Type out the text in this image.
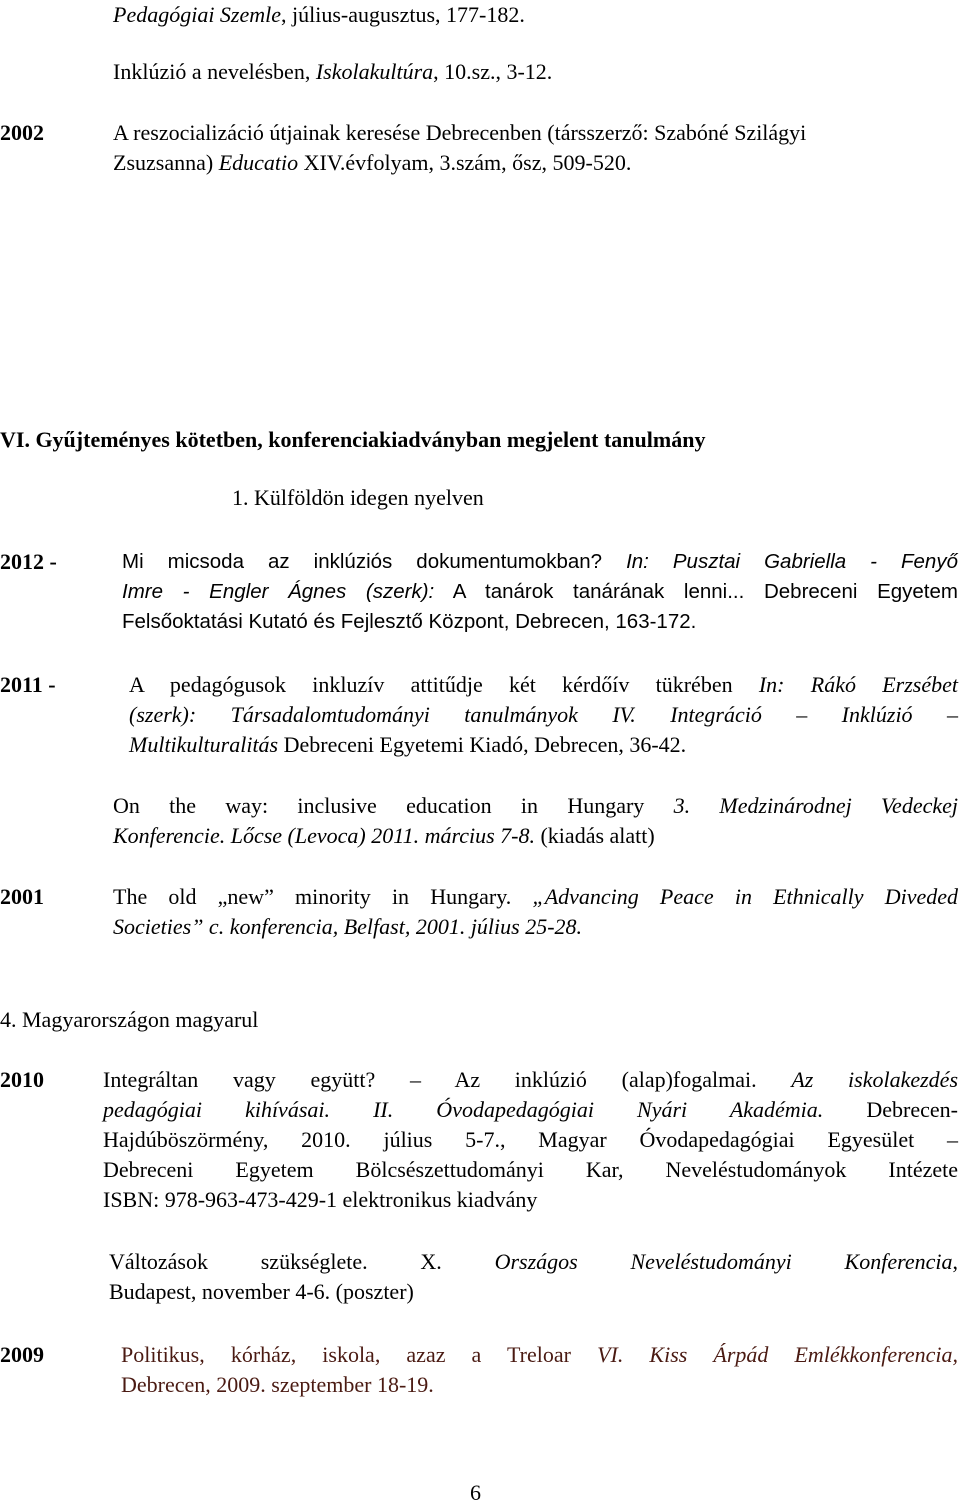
Pedagógiai Szemle, július-augusztus, 177-182.
Inklúzió a nevelésben, Iskolakultúra, 10.sz., 3-12.
2002	A reszocializáció útjainak keresése Debrecenben (társszerző: Szabóné Szilágyi
Zsuzsanna) Educatio XIV.évfolyam, 3.szám, ősz, 509-520.
VI. Gyűjteményes kötetben, konferenciakiadványban megjelent tanulmány
1. Külföldön idegen nyelven
2012 -	Mi micsoda az inklúziós dokumentumokban? In: Pusztai Gabriella - Fenyő
Imre - Engler Ágnes (szerk): A tanárok tanárának lenni... Debreceni Egyetem
Felsőoktatási Kutató és Fejlesztő Központ, Debrecen, 163-172.
2011 -	A pedagógusok inkluzív attitűdje két kérdőív tükrében In: Rákó Erzsébet
(szerk): Társadalomtudományi tanulmányok IV. Integráció – Inklúzió –
Multikulturalitás Debreceni Egyetemi Kiadó, Debrecen, 36-42.
On the way: inclusive education in Hungary 3. Medzinárodnej Vedeckej
Konferencie. Lőcse (Levoca) 2011. március 7-8. (kiadás alatt)
2001	The old „new” minority in Hungary. „Advancing Peace in Ethnically Diveded
Societies” c. konferencia, Belfast, 2001. július 25-28.
4. Magyarországon magyarul
2010	Integráltan vagy együtt? – Az inklúzió (alap)fogalmai. Az iskolakezdés
pedagógiai kihívásai. II. Óvodapedagógiai Nyári Akadémia. Debrecen-
Hajdúböszörmény, 2010. július 5-7., Magyar Óvodapedagógiai Egyesület –
Debreceni Egyetem Bölcsészettudományi Kar, Neveléstudományok Intézete
ISBN: 978-963-473-429-1 elektronikus kiadvány
Változások szükséglete. X. Országos Neveléstudományi Konferencia,
Budapest, november 4-6. (poszter)
2009	Politikus, kórház, iskola, azaz a Treloar VI. Kiss Árpád Emlékkonferencia,
Debrecen, 2009. szeptember 18-19.
6
